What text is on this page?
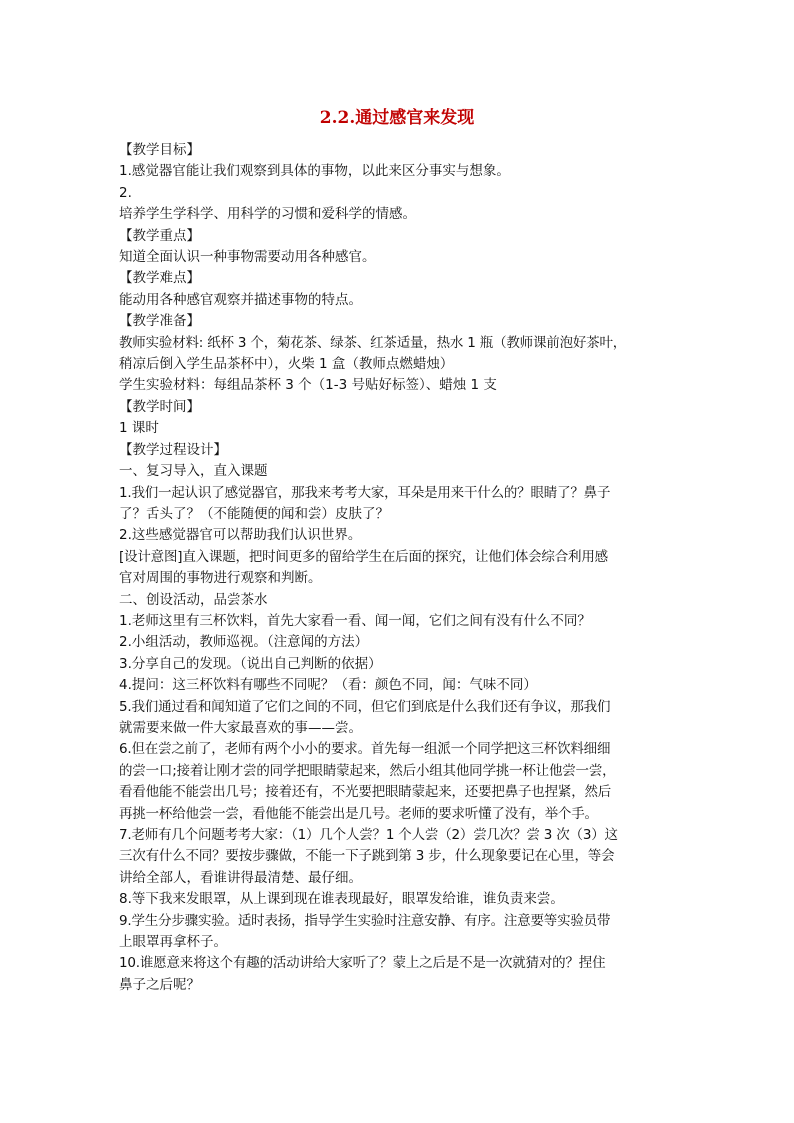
2.2.通过感官来发现

【教学目标】

1.感觉器官能让我们观察到具体的事物，以此来区分事实与想象。

2.

培养学生学科学、用科学的习惯和爱科学的情感。

【教学重点】

知道全面认识一种事物需要动用各种感官。

【教学难点】

能动用各种感官观察并描述事物的特点。

【教学准备】

教师实验材料: 纸杯 3 个，菊花茶、绿茶、红茶适量，热水 1 瓶（教师课前泡好茶叶，

稍凉后倒入学生品茶杯中），火柴 1 盒（教师点燃蜡烛）

学生实验材料：每组品茶杯 3 个（1-3 号贴好标签）、蜡烛 1 支

【教学时间】

1 课时

【教学过程设计】

一、复习导入，直入课题

1.我们一起认识了感觉器官，那我来考考大家，耳朵是用来干什么的？眼睛了？鼻子

了？舌头了？（不能随便的闻和尝）皮肤了？

2.这些感觉器官可以帮助我们认识世界。

[设计意图]直入课题，把时间更多的留给学生在后面的探究，让他们体会综合利用感

官对周围的事物进行观察和判断。

二、创设活动，品尝茶水

1.老师这里有三杯饮料，首先大家看一看、闻一闻，它们之间有没有什么不同？

2.小组活动，教师巡视。（注意闻的方法）

3.分享自己的发现。（说出自己判断的依据）

4.提问：这三杯饮料有哪些不同呢？（看：颜色不同，闻：气味不同）

5.我们通过看和闻知道了它们之间的不同，但它们到底是什么我们还有争议，那我们

就需要来做一件大家最喜欢的事——尝。

6.但在尝之前了，老师有两个小小的要求。首先每一组派一个同学把这三杯饮料细细

的尝一口;接着让刚才尝的同学把眼睛蒙起来，然后小组其他同学挑一杯让他尝一尝，

看看他能不能尝出几号；接着还有，不光要把眼睛蒙起来，还要把鼻子也捏紧，然后

再挑一杯给他尝一尝，看他能不能尝出是几号。老师的要求听懂了没有，举个手。

7.老师有几个问题考考大家：（1）几个人尝？1 个人尝（2）尝几次？尝 3 次（3）这

三次有什么不同？要按步骤做，不能一下子跳到第 3 步，什么现象要记在心里，等会

讲给全部人，看谁讲得最清楚、最仔细。

8.等下我来发眼罩，从上课到现在谁表现最好，眼罩发给谁，谁负责来尝。

9.学生分步骤实验。适时表扬，指导学生实验时注意安静、有序。注意要等实验员带

上眼罩再拿杯子。

10.谁愿意来将这个有趣的活动讲给大家听了？蒙上之后是不是一次就猜对的？捏住

鼻子之后呢？
